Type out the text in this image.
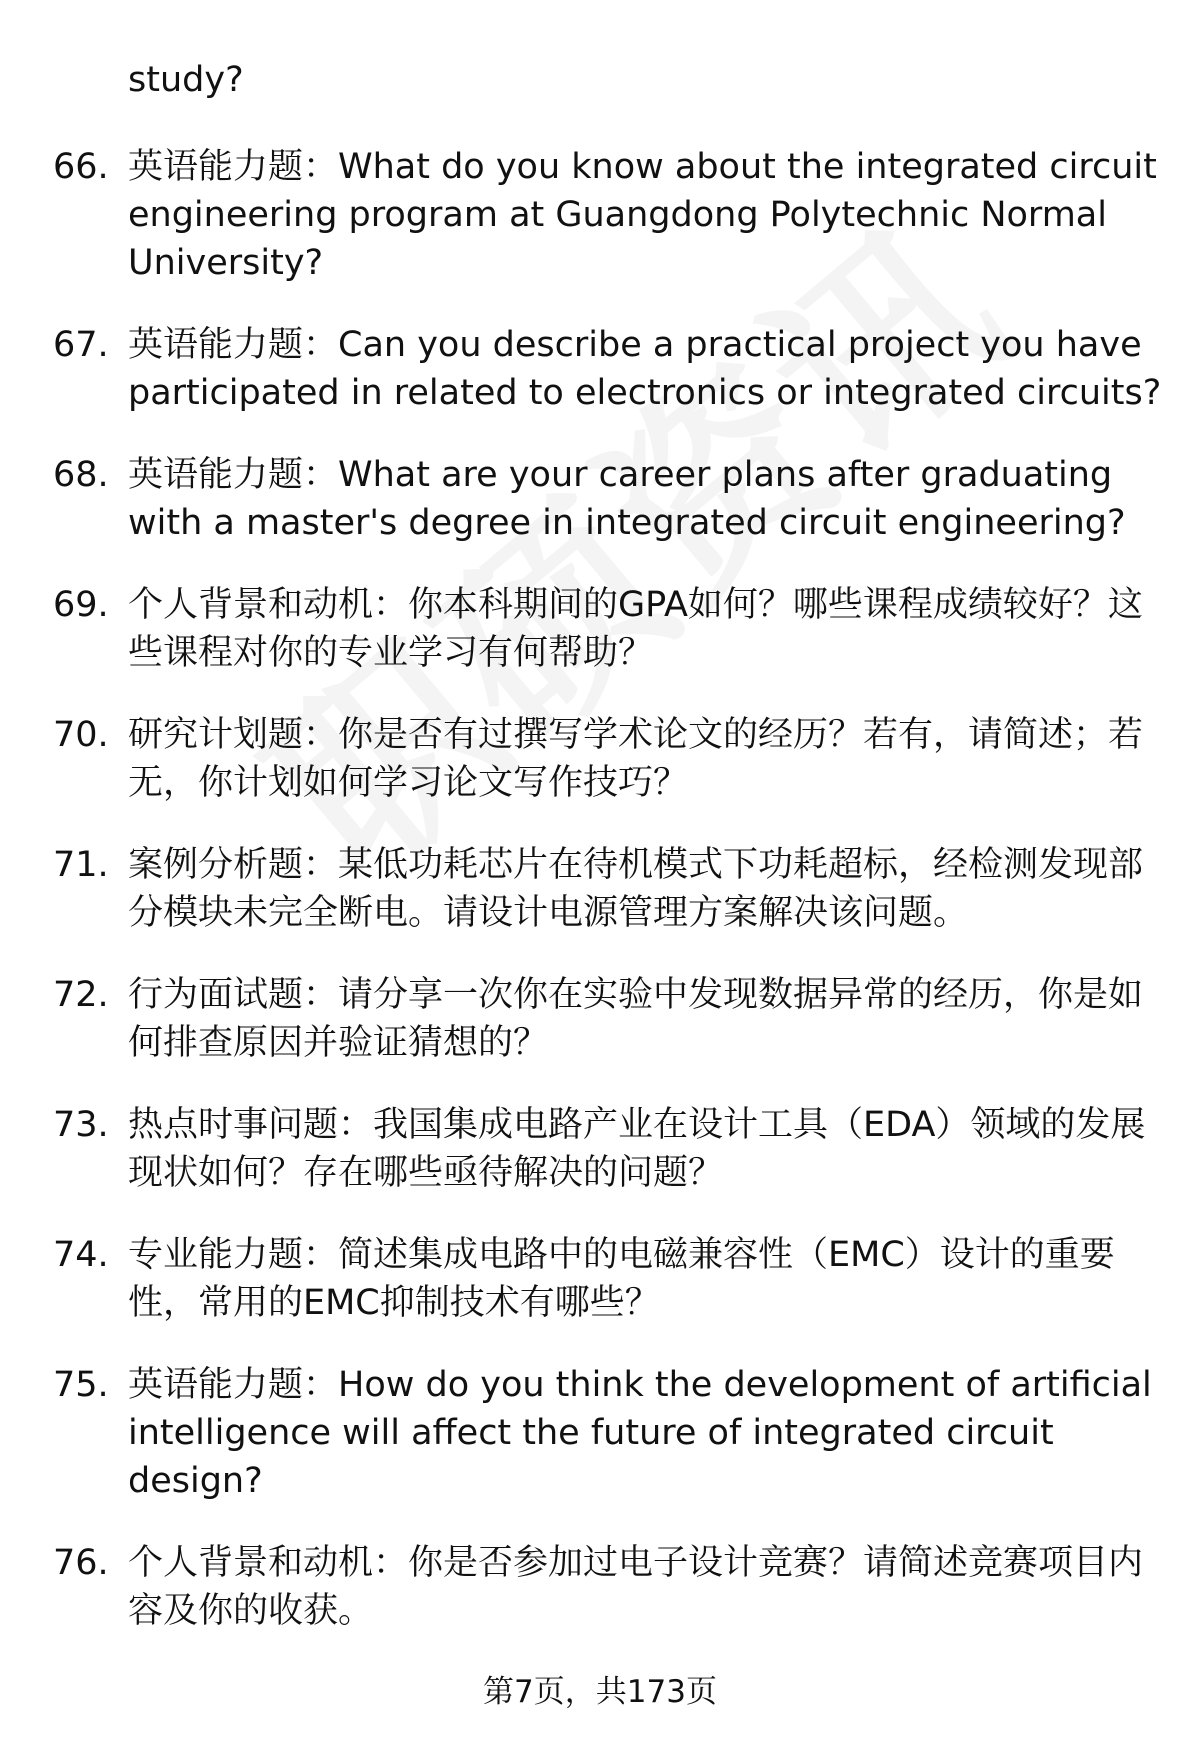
study?
66. 英语能力题：What do you know about the integrated circuit engineering program at Guangdong Polytechnic Normal University?
67. 英语能力题：Can you describe a practical project you have participated in related to electronics or integrated circuits?
68. 英语能力题：What are your career plans after graduating with a master's degree in integrated circuit engineering?
69. 个人背景和动机：你本科期间的GPA如何？哪些课程成绩较好？这些课程对你的专业学习有何帮助？
70. 研究计划题：你是否有过撰写学术论文的经历？若有，请简述；若无，你计划如何学习论文写作技巧？
71. 案例分析题：某低功耗芯片在待机模式下功耗超标，经检测发现部分模块未完全断电。请设计电源管理方案解决该问题。
72. 行为面试题：请分享一次你在实验中发现数据异常的经历，你是如何排查原因并验证猜想的？
73. 热点时事问题：我国集成电路产业在设计工具（EDA）领域的发展现状如何？存在哪些亟待解决的问题？
74. 专业能力题：简述集成电路中的电磁兼容性（EMC）设计的重要性，常用的EMC抑制技术有哪些？
75. 英语能力题：How do you think the development of artificial intelligence will affect the future of integrated circuit design?
76. 个人背景和动机：你是否参加过电子设计竞赛？请简述竞赛项目内容及你的收获。
第7页，共173页
